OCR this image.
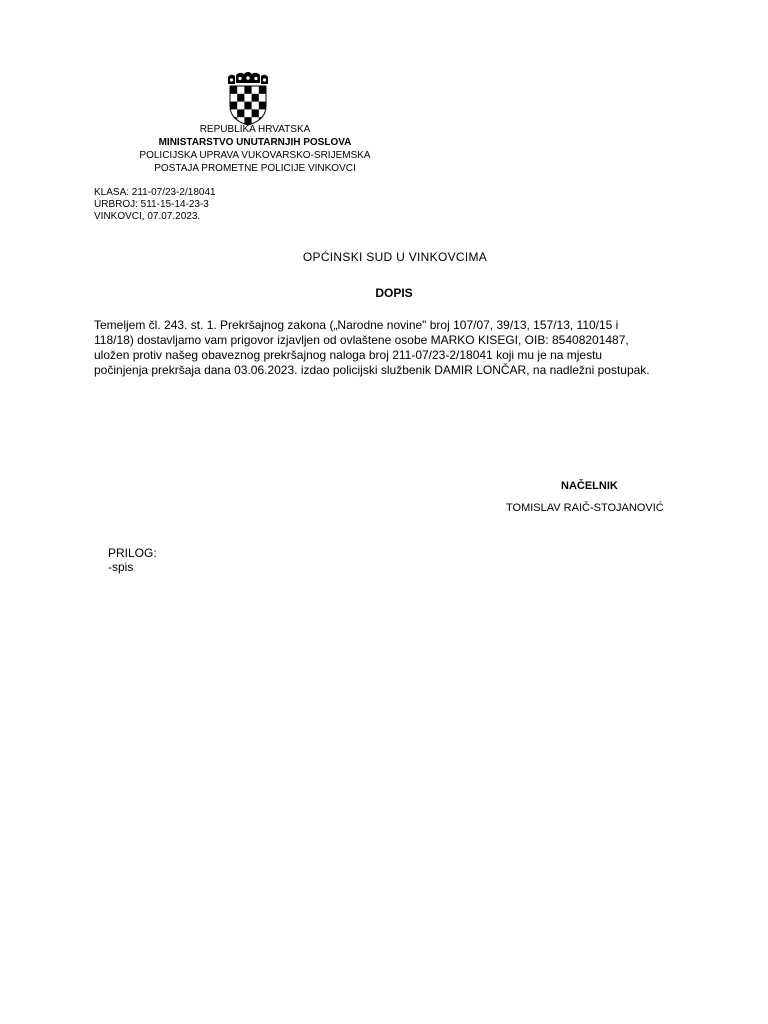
REPUBLIKA HRVATSKA
MINISTARSTVO UNUTARNJIH POSLOVA
POLICIJSKA UPRAVA VUKOVARSKO-SRIJEMSKA
POSTAJA PROMETNE POLICIJE VINKOVCI
KLASA: 211-07/23-2/18041
URBROJ: 511-15-14-23-3
VINKOVCI, 07.07.2023.
OPĆINSKI SUD U VINKOVCIMA
DOPIS
Temeljem čl. 243. st. 1. Prekršajnog zakona („Narodne novine" broj 107/07, 39/13, 157/13, 110/15 i
118/18) dostavljamo vam prigovor izjavljen od ovlaštene osobe MARKO KISEGI, OIB: 85408201487,
uložen protiv našeg obaveznog prekršajnog naloga broj 211-07/23-2/18041 koji mu je na mjestu
počinjenja prekršaja dana 03.06.2023. izdao policijski službenik DAMIR LONČAR, na nadležni postupak.
NAČELNIK
TOMISLAV RAIČ-STOJANOVIĆ
PRILOG:
-spis
